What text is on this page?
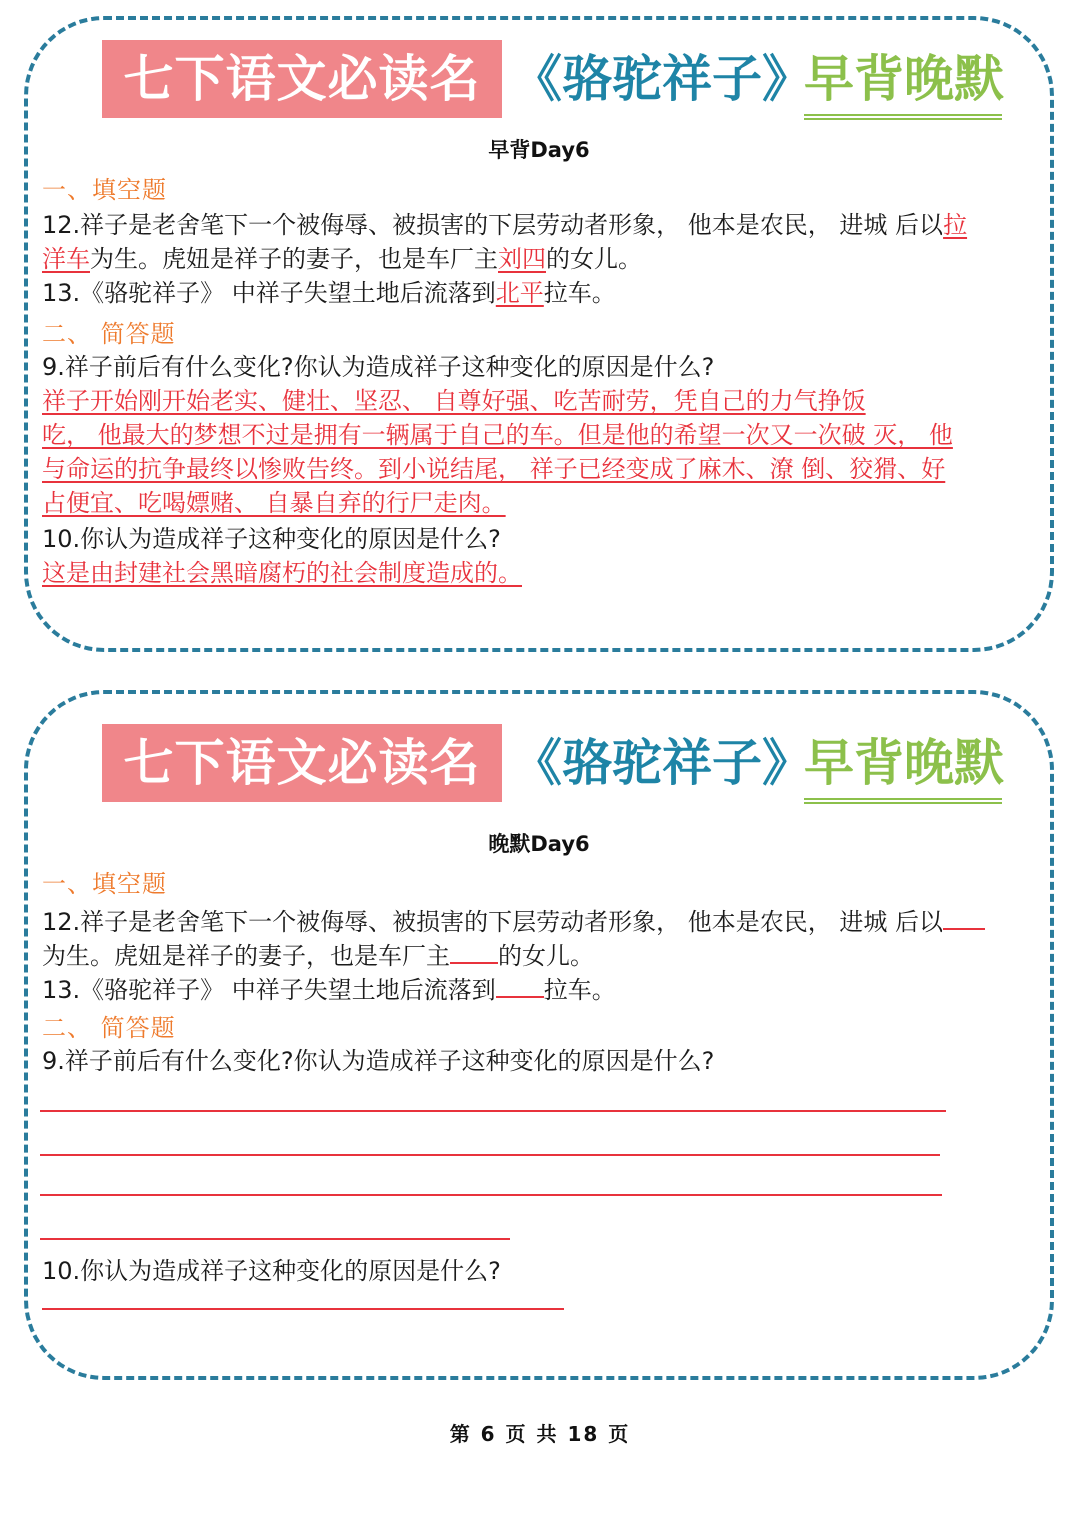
七下语文必读名著
《骆驼祥子》
早背晚默
早背Day6
一、填空题
12.祥子是老舍笔下一个被侮辱、被损害的下层劳动者形象， 他本是农民， 进城 后以拉
洋车为生。虎妞是祥子的妻子，也是车厂主刘四的女儿。
13.《骆驼祥子》 中祥子失望土地后流落到北平拉车。
二、 简答题
9.祥子前后有什么变化?你认为造成祥子这种变化的原因是什么?
祥子开始刚开始老实、健壮、坚忍、 自尊好强、吃苦耐劳，凭自己的力气挣饭
吃， 他最大的梦想不过是拥有一辆属于自己的车。但是他的希望一次又一次破 灭， 他
与命运的抗争最终以惨败告终。到小说结尾， 祥子已经变成了麻木、潦 倒、狡猾、好
占便宜、吃喝嫖赌、 自暴自弃的行尸走肉。
10.你认为造成祥子这种变化的原因是什么?
这是由封建社会黑暗腐朽的社会制度造成的。
七下语文必读名著
《骆驼祥子》
早背晚默
晚默Day6
一、填空题
12.祥子是老舍笔下一个被侮辱、被损害的下层劳动者形象， 他本是农民， 进城 后以
为生。虎妞是祥子的妻子，也是车厂主 的女儿。
13.《骆驼祥子》 中祥子失望土地后流落到 拉车。
二、 简答题
9.祥子前后有什么变化?你认为造成祥子这种变化的原因是什么?
10.你认为造成祥子这种变化的原因是什么?
第 6 页 共 18 页
